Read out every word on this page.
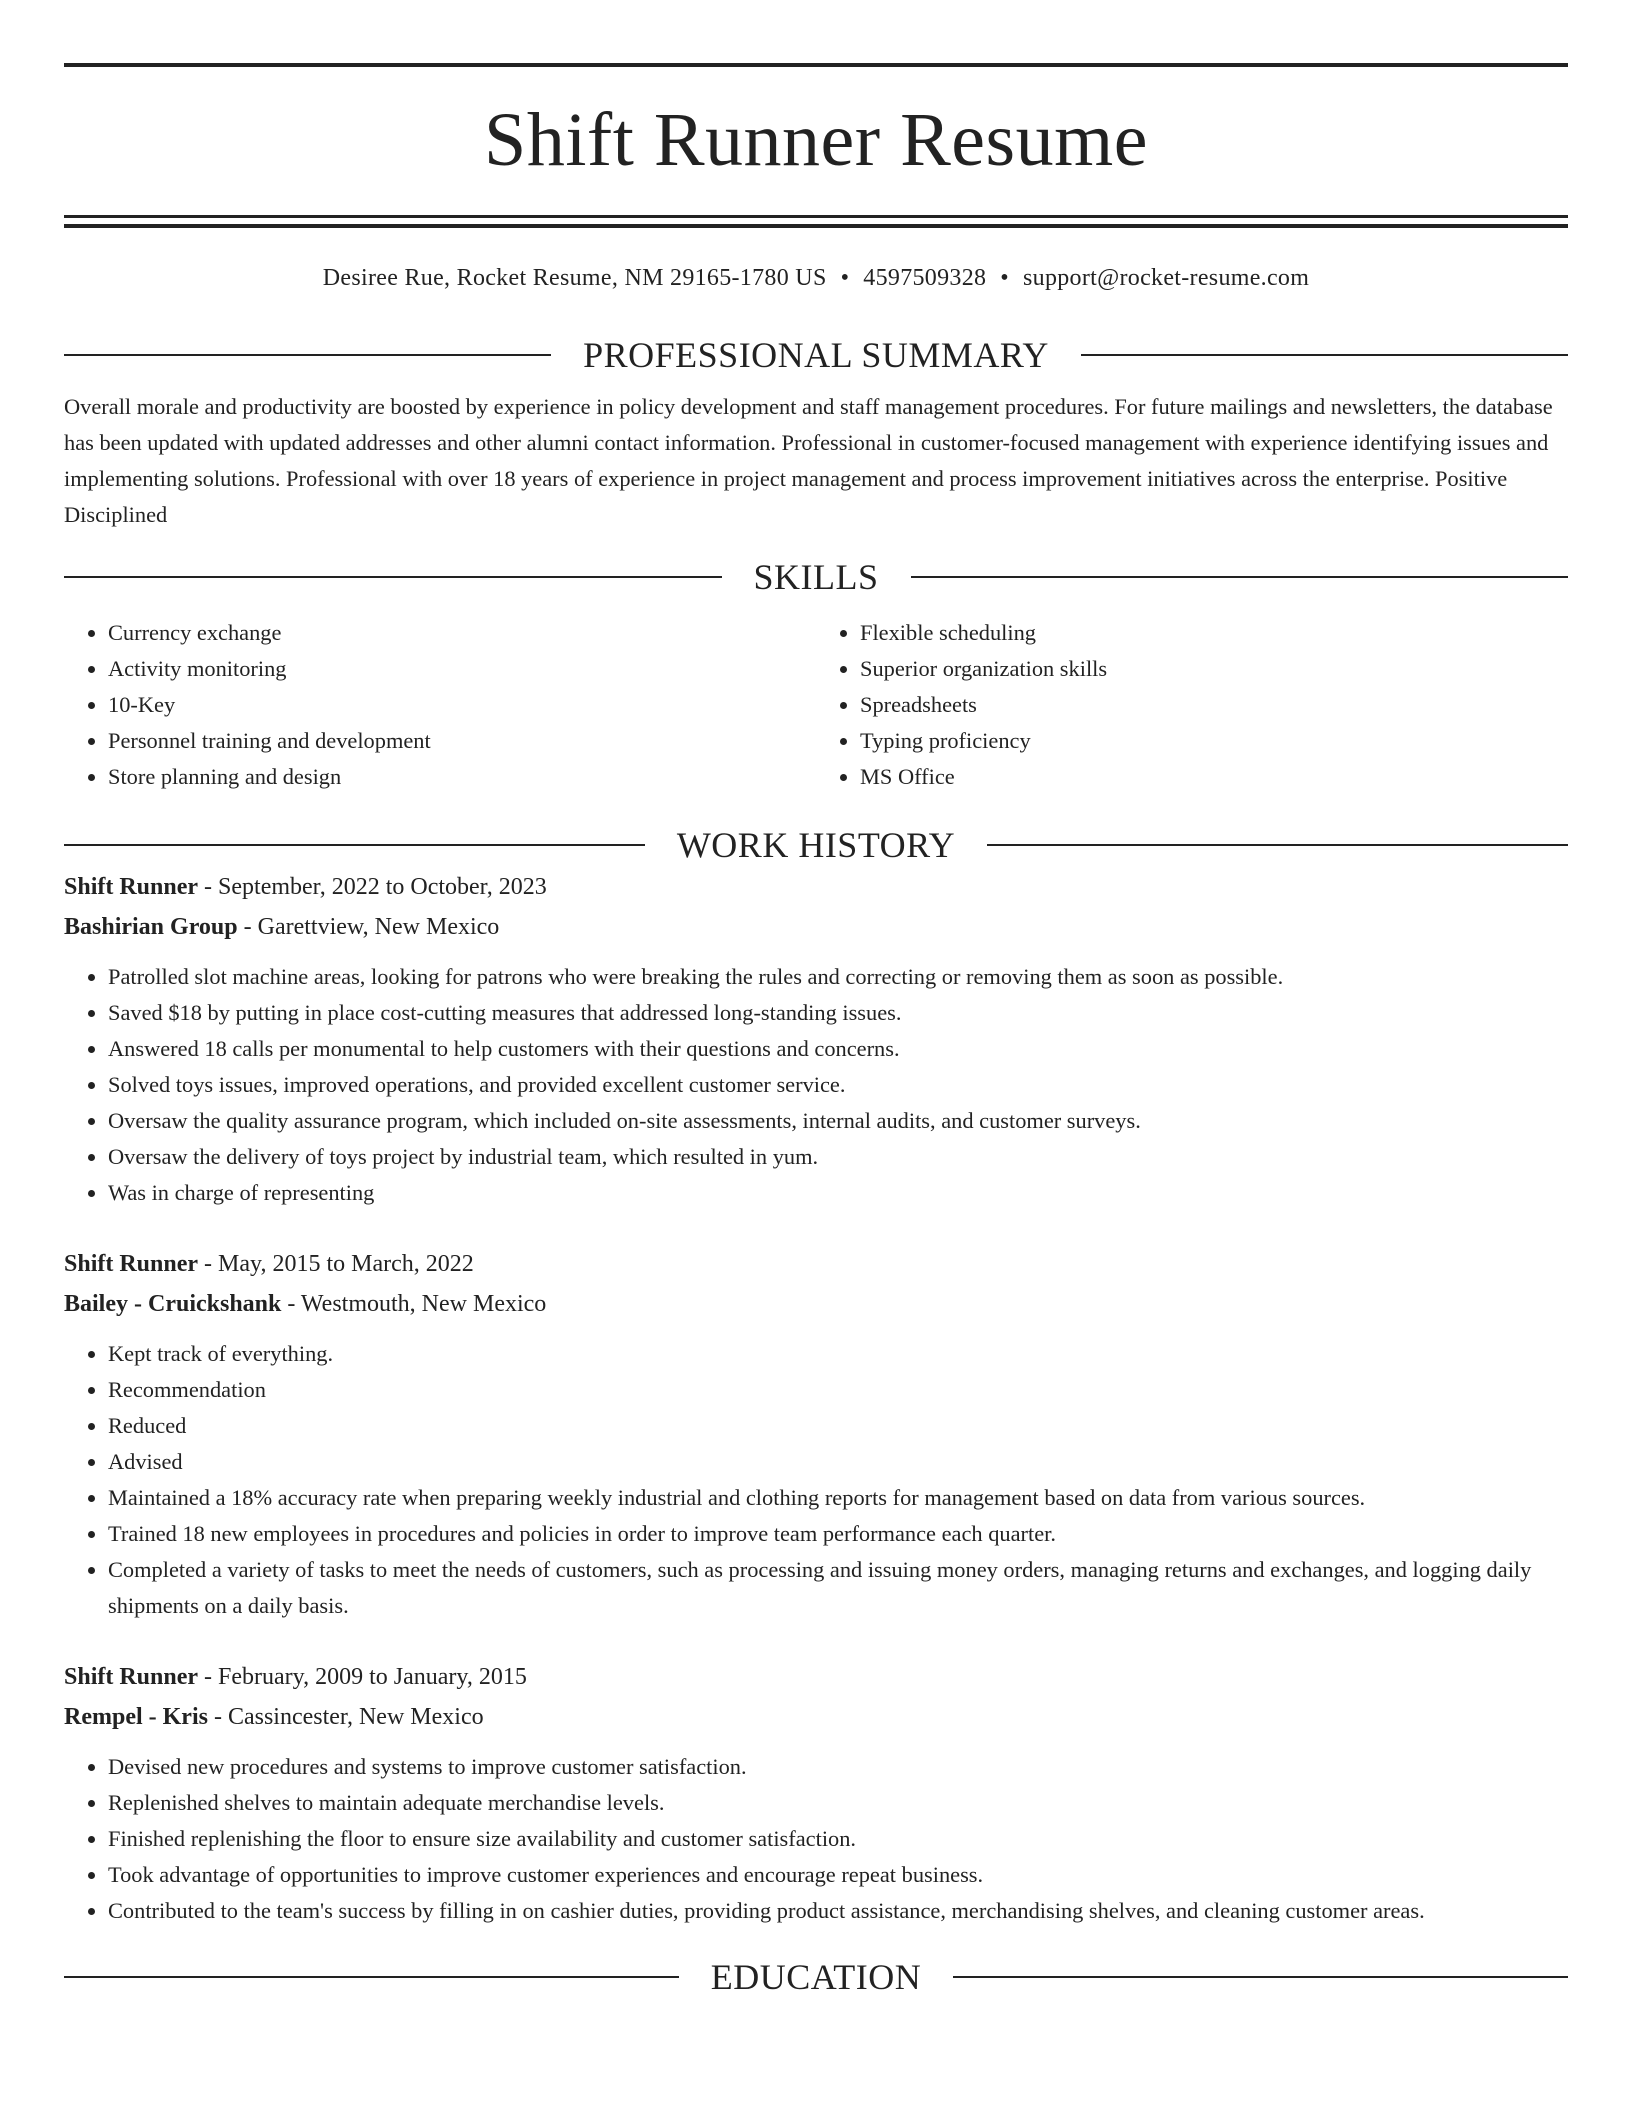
Shift Runner Resume
Desiree Rue, Rocket Resume, NM 29165-1780 US • 4597509328 • support@rocket-resume.com
PROFESSIONAL SUMMARY
Overall morale and productivity are boosted by experience in policy development and staff management procedures. For future mailings and newsletters, the database has been updated with updated addresses and other alumni contact information. Professional in customer-focused management with experience identifying issues and implementing solutions. Professional with over 18 years of experience in project management and process improvement initiatives across the enterprise. Positive Disciplined
SKILLS
• Currency exchange
• Activity monitoring
• 10-Key
• Personnel training and development
• Store planning and design
• Flexible scheduling
• Superior organization skills
• Spreadsheets
• Typing proficiency
• MS Office
WORK HISTORY
Shift Runner - September, 2022 to October, 2023
Bashirian Group - Garettview, New Mexico
• Patrolled slot machine areas, looking for patrons who were breaking the rules and correcting or removing them as soon as possible.
• Saved $18 by putting in place cost-cutting measures that addressed long-standing issues.
• Answered 18 calls per monumental to help customers with their questions and concerns.
• Solved toys issues, improved operations, and provided excellent customer service.
• Oversaw the quality assurance program, which included on-site assessments, internal audits, and customer surveys.
• Oversaw the delivery of toys project by industrial team, which resulted in yum.
• Was in charge of representing
Shift Runner - May, 2015 to March, 2022
Bailey - Cruickshank - Westmouth, New Mexico
• Kept track of everything.
• Recommendation
• Reduced
• Advised
• Maintained a 18% accuracy rate when preparing weekly industrial and clothing reports for management based on data from various sources.
• Trained 18 new employees in procedures and policies in order to improve team performance each quarter.
• Completed a variety of tasks to meet the needs of customers, such as processing and issuing money orders, managing returns and exchanges, and logging daily shipments on a daily basis.
Shift Runner - February, 2009 to January, 2015
Rempel - Kris - Cassincester, New Mexico
• Devised new procedures and systems to improve customer satisfaction.
• Replenished shelves to maintain adequate merchandise levels.
• Finished replenishing the floor to ensure size availability and customer satisfaction.
• Took advantage of opportunities to improve customer experiences and encourage repeat business.
• Contributed to the team's success by filling in on cashier duties, providing product assistance, merchandising shelves, and cleaning customer areas.
EDUCATION
